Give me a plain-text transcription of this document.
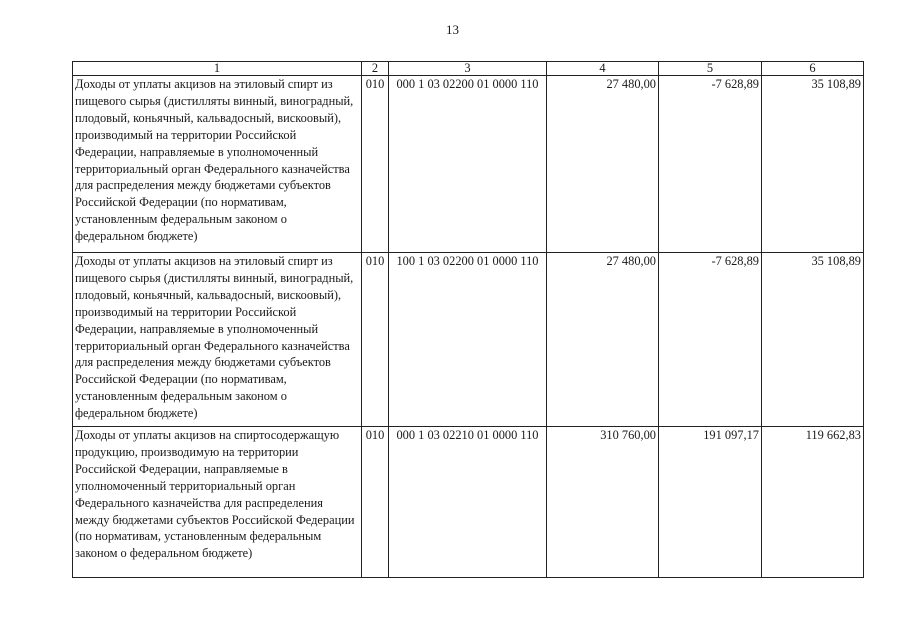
13
1	2	3	4	5	6
Доходы от уплаты акцизов на этиловый спирт из пищевого сырья (дистилляты винный, виноградный, плодовый, коньячный, кальвадосный, вискоовый), производимый на территории Российской Федерации, направляемые в уполномоченный территориальный орган Федерального казначейства для распределения между бюджетами субъектов Российской Федерации (по нормативам, установленным федеральным законом о федеральном бюджете)	010	000 1 03 02200 01 0000 110	27 480,00	-7 628,89	35 108,89
Доходы от уплаты акцизов на этиловый спирт из пищевого сырья (дистилляты винный, виноградный, плодовый, коньячный, кальвадосный, вискоовый), производимый на территории Российской Федерации, направляемые в уполномоченный территориальный орган Федерального казначейства для распределения между бюджетами субъектов Российской Федерации (по нормативам, установленным федеральным законом о федеральном бюджете)	010	100 1 03 02200 01 0000 110	27 480,00	-7 628,89	35 108,89
Доходы от уплаты акцизов на спиртосодержащую продукцию, производимую на территории Российской Федерации, направляемые в уполномоченный территориальный орган Федерального казначейства для распределения между бюджетами субъектов Российской Федерации (по нормативам, установленным федеральным законом о федеральном бюджете)	010	000 1 03 02210 01 0000 110	310 760,00	191 097,17	119 662,83
